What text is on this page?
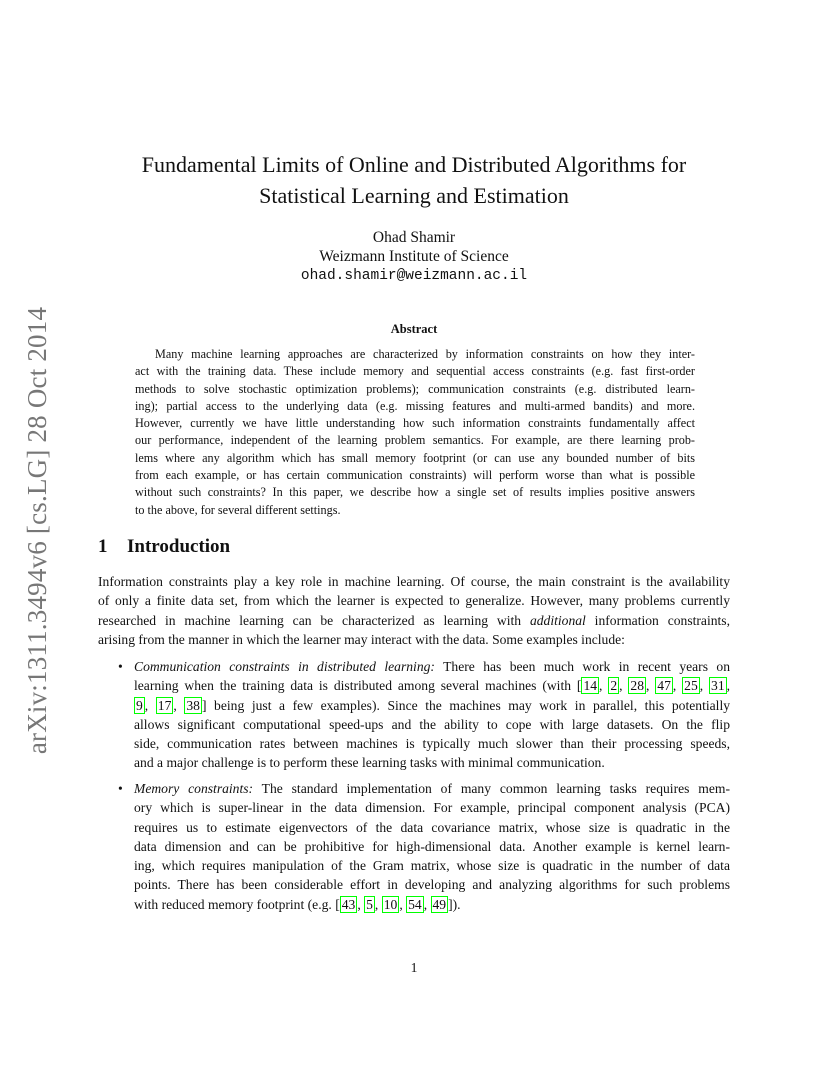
arXiv:1311.3494v6 [cs.LG] 28 Oct 2014
Fundamental Limits of Online and Distributed Algorithms for
Statistical Learning and Estimation
Ohad Shamir
Weizmann Institute of Science
ohad.shamir@weizmann.ac.il
Abstract
Many machine learning approaches are characterized by information constraints on how they inter-
act with the training data. These include memory and sequential access constraints (e.g. fast first-order
methods to solve stochastic optimization problems); communication constraints (e.g. distributed learn-
ing); partial access to the underlying data (e.g. missing features and multi-armed bandits) and more.
However, currently we have little understanding how such information constraints fundamentally affect
our performance, independent of the learning problem semantics. For example, are there learning prob-
lems where any algorithm which has small memory footprint (or can use any bounded number of bits
from each example, or has certain communication constraints) will perform worse than what is possible
without such constraints? In this paper, we describe how a single set of results implies positive answers
to the above, for several different settings.
1 Introduction
Information constraints play a key role in machine learning. Of course, the main constraint is the availability
of only a finite data set, from which the learner is expected to generalize. However, many problems currently
researched in machine learning can be characterized as learning with additional information constraints,
arising from the manner in which the learner may interact with the data. Some examples include:
• Communication constraints in distributed learning: There has been much work in recent years on
learning when the training data is distributed among several machines (with [ 14 , 2 , 28 , 47 , 25 , 31 ,
9 , 17 , 38 ] being just a few examples). Since the machines may work in parallel, this potentially
allows significant computational speed-ups and the ability to cope with large datasets. On the flip
side, communication rates between machines is typically much slower than their processing speeds,
and a major challenge is to perform these learning tasks with minimal communication.
• Memory constraints: The standard implementation of many common learning tasks requires mem-
ory which is super-linear in the data dimension. For example, principal component analysis (PCA)
requires us to estimate eigenvectors of the data covariance matrix, whose size is quadratic in the
data dimension and can be prohibitive for high-dimensional data. Another example is kernel learn-
ing, which requires manipulation of the Gram matrix, whose size is quadratic in the number of data
points. There has been considerable effort in developing and analyzing algorithms for such problems
with reduced memory footprint (e.g. [ 43 , 5 , 10 , 54 , 49 ]).
1
